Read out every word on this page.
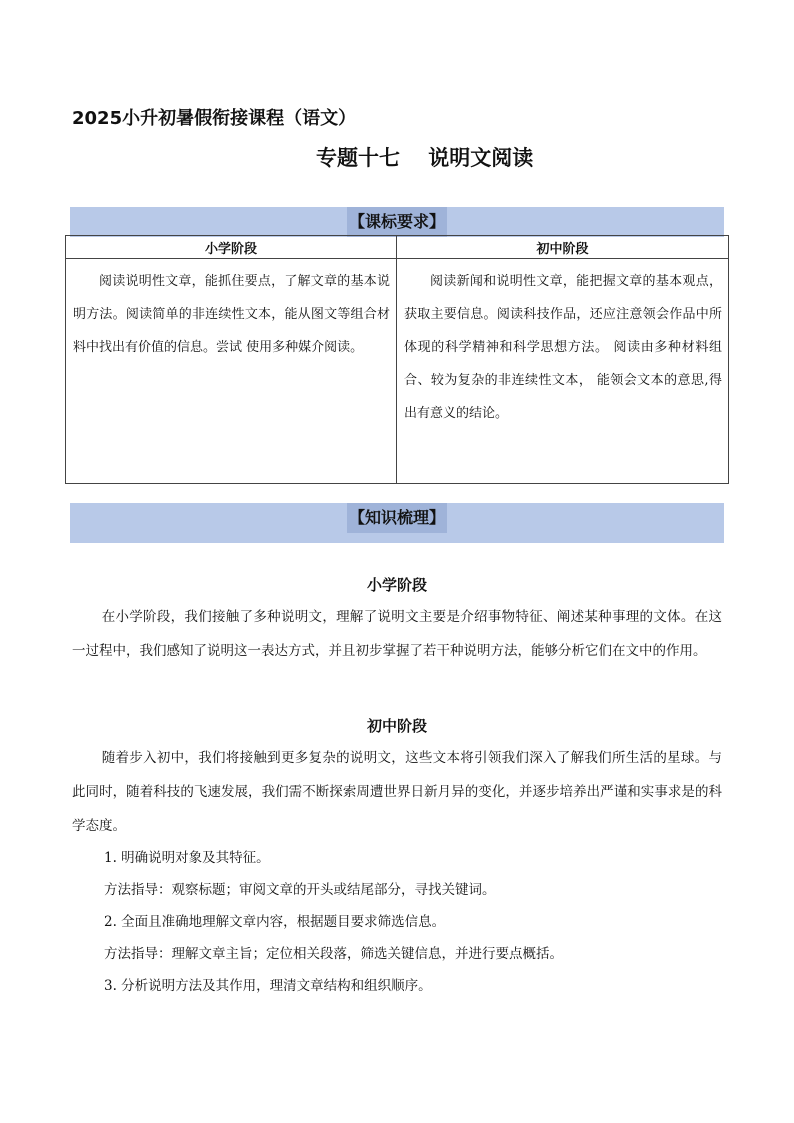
2025小升初暑假衔接课程（语文）
专题十七　 说明文阅读
【课标要求】
小学阶段	初中阶段
阅读说明性文章，能抓住要点，了解文章的基本说明方法。阅读简单的非连续性文本，能从图文等组合材料中找出有价值的信息。尝试 使用多种媒介阅读。	阅读新闻和说明性文章，能把握文章的基本观点，获取主要信息。阅读科技作品，还应注意领会作品中所体现的科学精神和科学思想方法。 阅读由多种材料组合、较为复杂的非连续性文本， 能领会文本的意思,得出有意义的结论。
【知识梳理】
小学阶段

在小学阶段，我们接触了多种说明文，理解了说明文主要是介绍事物特征、阐述某种事理的文体。在这一过程中，我们感知了说明这一表达方式，并且初步掌握了若干种说明方法，能够分析它们在文中的作用。

初中阶段

随着步入初中，我们将接触到更多复杂的说明文，这些文本将引领我们深入了解我们所生活的星球。与此同时，随着科技的飞速发展，我们需不断探索周遭世界日新月异的变化，并逐步培养出严谨和实事求是的科学态度。

1. 明确说明对象及其特征。
方法指导：观察标题；审阅文章的开头或结尾部分，寻找关键词。
2. 全面且准确地理解文章内容，根据题目要求筛选信息。
方法指导：理解文章主旨；定位相关段落，筛选关键信息，并进行要点概括。
3. 分析说明方法及其作用，理清文章结构和组织顺序。
